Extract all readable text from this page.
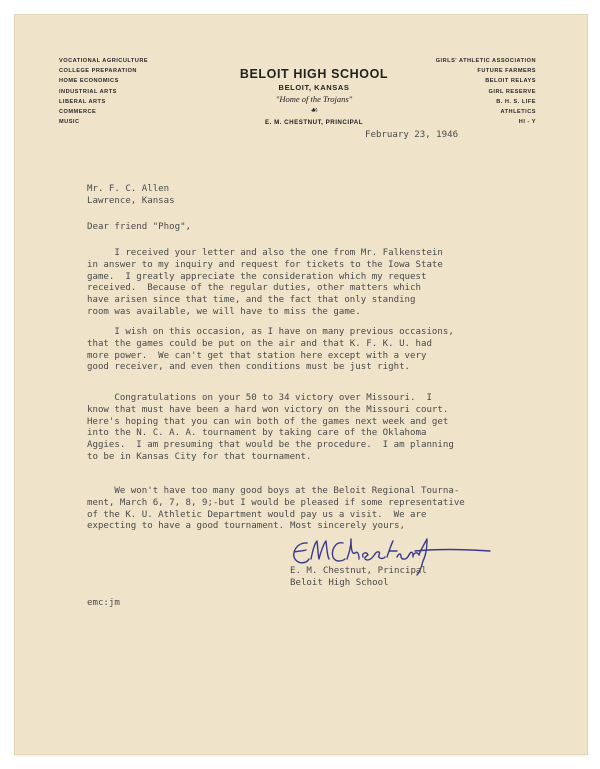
VOCATIONAL AGRICULTURE
COLLEGE PREPARATION
HOME ECONOMICS
INDUSTRIAL ARTS
LIBERAL ARTS
COMMERCE
MUSIC
GIRLS' ATHLETIC ASSOCIATION
FUTURE FARMERS
BELOIT RELAYS
GIRL RESERVE
B. H. S. LIFE
ATHLETICS
HI - Y
BELOIT HIGH SCHOOL
BELOIT, KANSAS
"Home of the Trojans"
☙
E. M. CHESTNUT, PRINCIPAL
February 23, 1946
Mr. F. C. Allen
Lawrence, Kansas
Dear friend "Phog",
I received your letter and also the one from Mr. Falkenstein
in answer to my inquiry and request for tickets to the Iowa State
game.  I greatly appreciate the consideration which my request
received.  Because of the regular duties, other matters which
have arisen since that time, and the fact that only standing
room was available, we will have to miss the game.
I wish on this occasion, as I have on many previous occasions,
that the games could be put on the air and that K. F. K. U. had
more power.  We can't get that station here except with a very
good receiver, and even then conditions must be just right.
Congratulations on your 50 to 34 victory over Missouri.  I
know that must have been a hard won victory on the Missouri court.
Here's hoping that you can win both of the games next week and get
into the N. C. A. A. tournament by taking care of the Oklahoma
Aggies.  I am presuming that would be the procedure.  I am planning
to be in Kansas City for that tournament.
We won't have too many good boys at the Beloit Regional Tourna-
ment, March 6, 7, 8, 9;-but I would be pleased if some representative
of the K. U. Athletic Department would pay us a visit.  We are
expecting to have a good tournament. Most sincerely yours,
E. M. Chestnut, Principal
Beloit High School
emc:jm
